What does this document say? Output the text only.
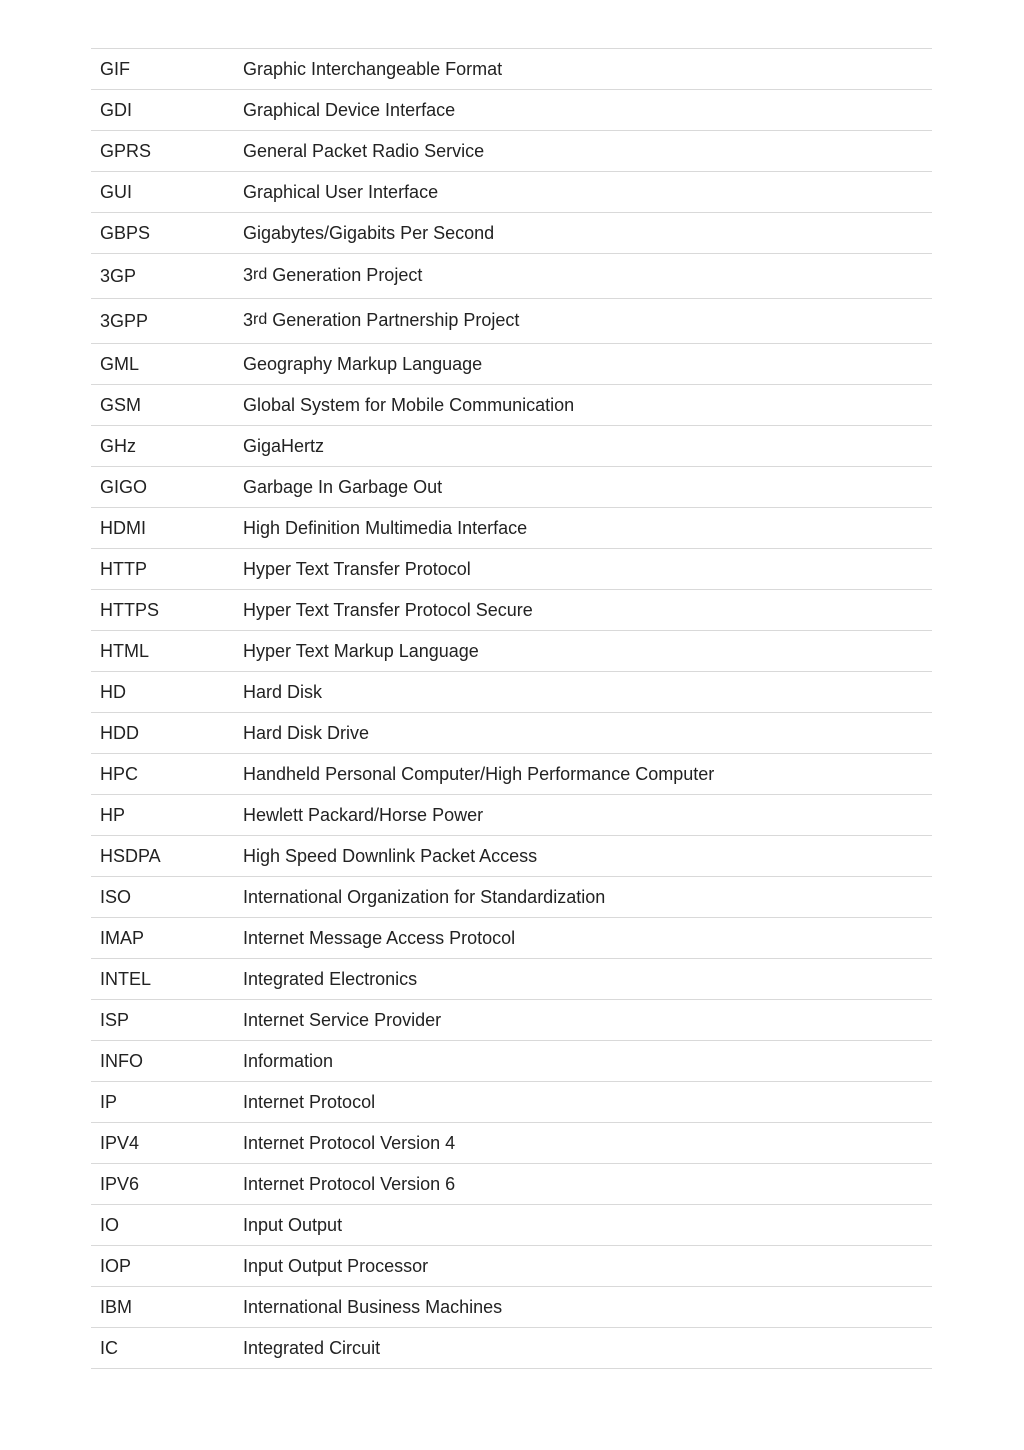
GIF	Graphic Interchangeable Format
GDI	Graphical Device Interface
GPRS	General Packet Radio Service
GUI	Graphical User Interface
GBPS	Gigabytes/Gigabits Per Second
3GP	3rd Generation Project
3GPP	3rd Generation Partnership Project
GML	Geography Markup Language
GSM	Global System for Mobile Communication
GHz	GigaHertz
GIGO	Garbage In Garbage Out
HDMI	High Definition Multimedia Interface
HTTP	Hyper Text Transfer Protocol
HTTPS	Hyper Text Transfer Protocol Secure
HTML	Hyper Text Markup Language
HD	Hard Disk
HDD	Hard Disk Drive
HPC	Handheld Personal Computer/High Performance Computer
HP	Hewlett Packard/Horse Power
HSDPA	High Speed Downlink Packet Access
ISO	International Organization for Standardization
IMAP	Internet Message Access Protocol
INTEL	Integrated Electronics
ISP	Internet Service Provider
INFO	Information
IP	Internet Protocol
IPV4	Internet Protocol Version 4
IPV6	Internet Protocol Version 6
IO	Input Output
IOP	Input Output Processor
IBM	International Business Machines
IC	Integrated Circuit
